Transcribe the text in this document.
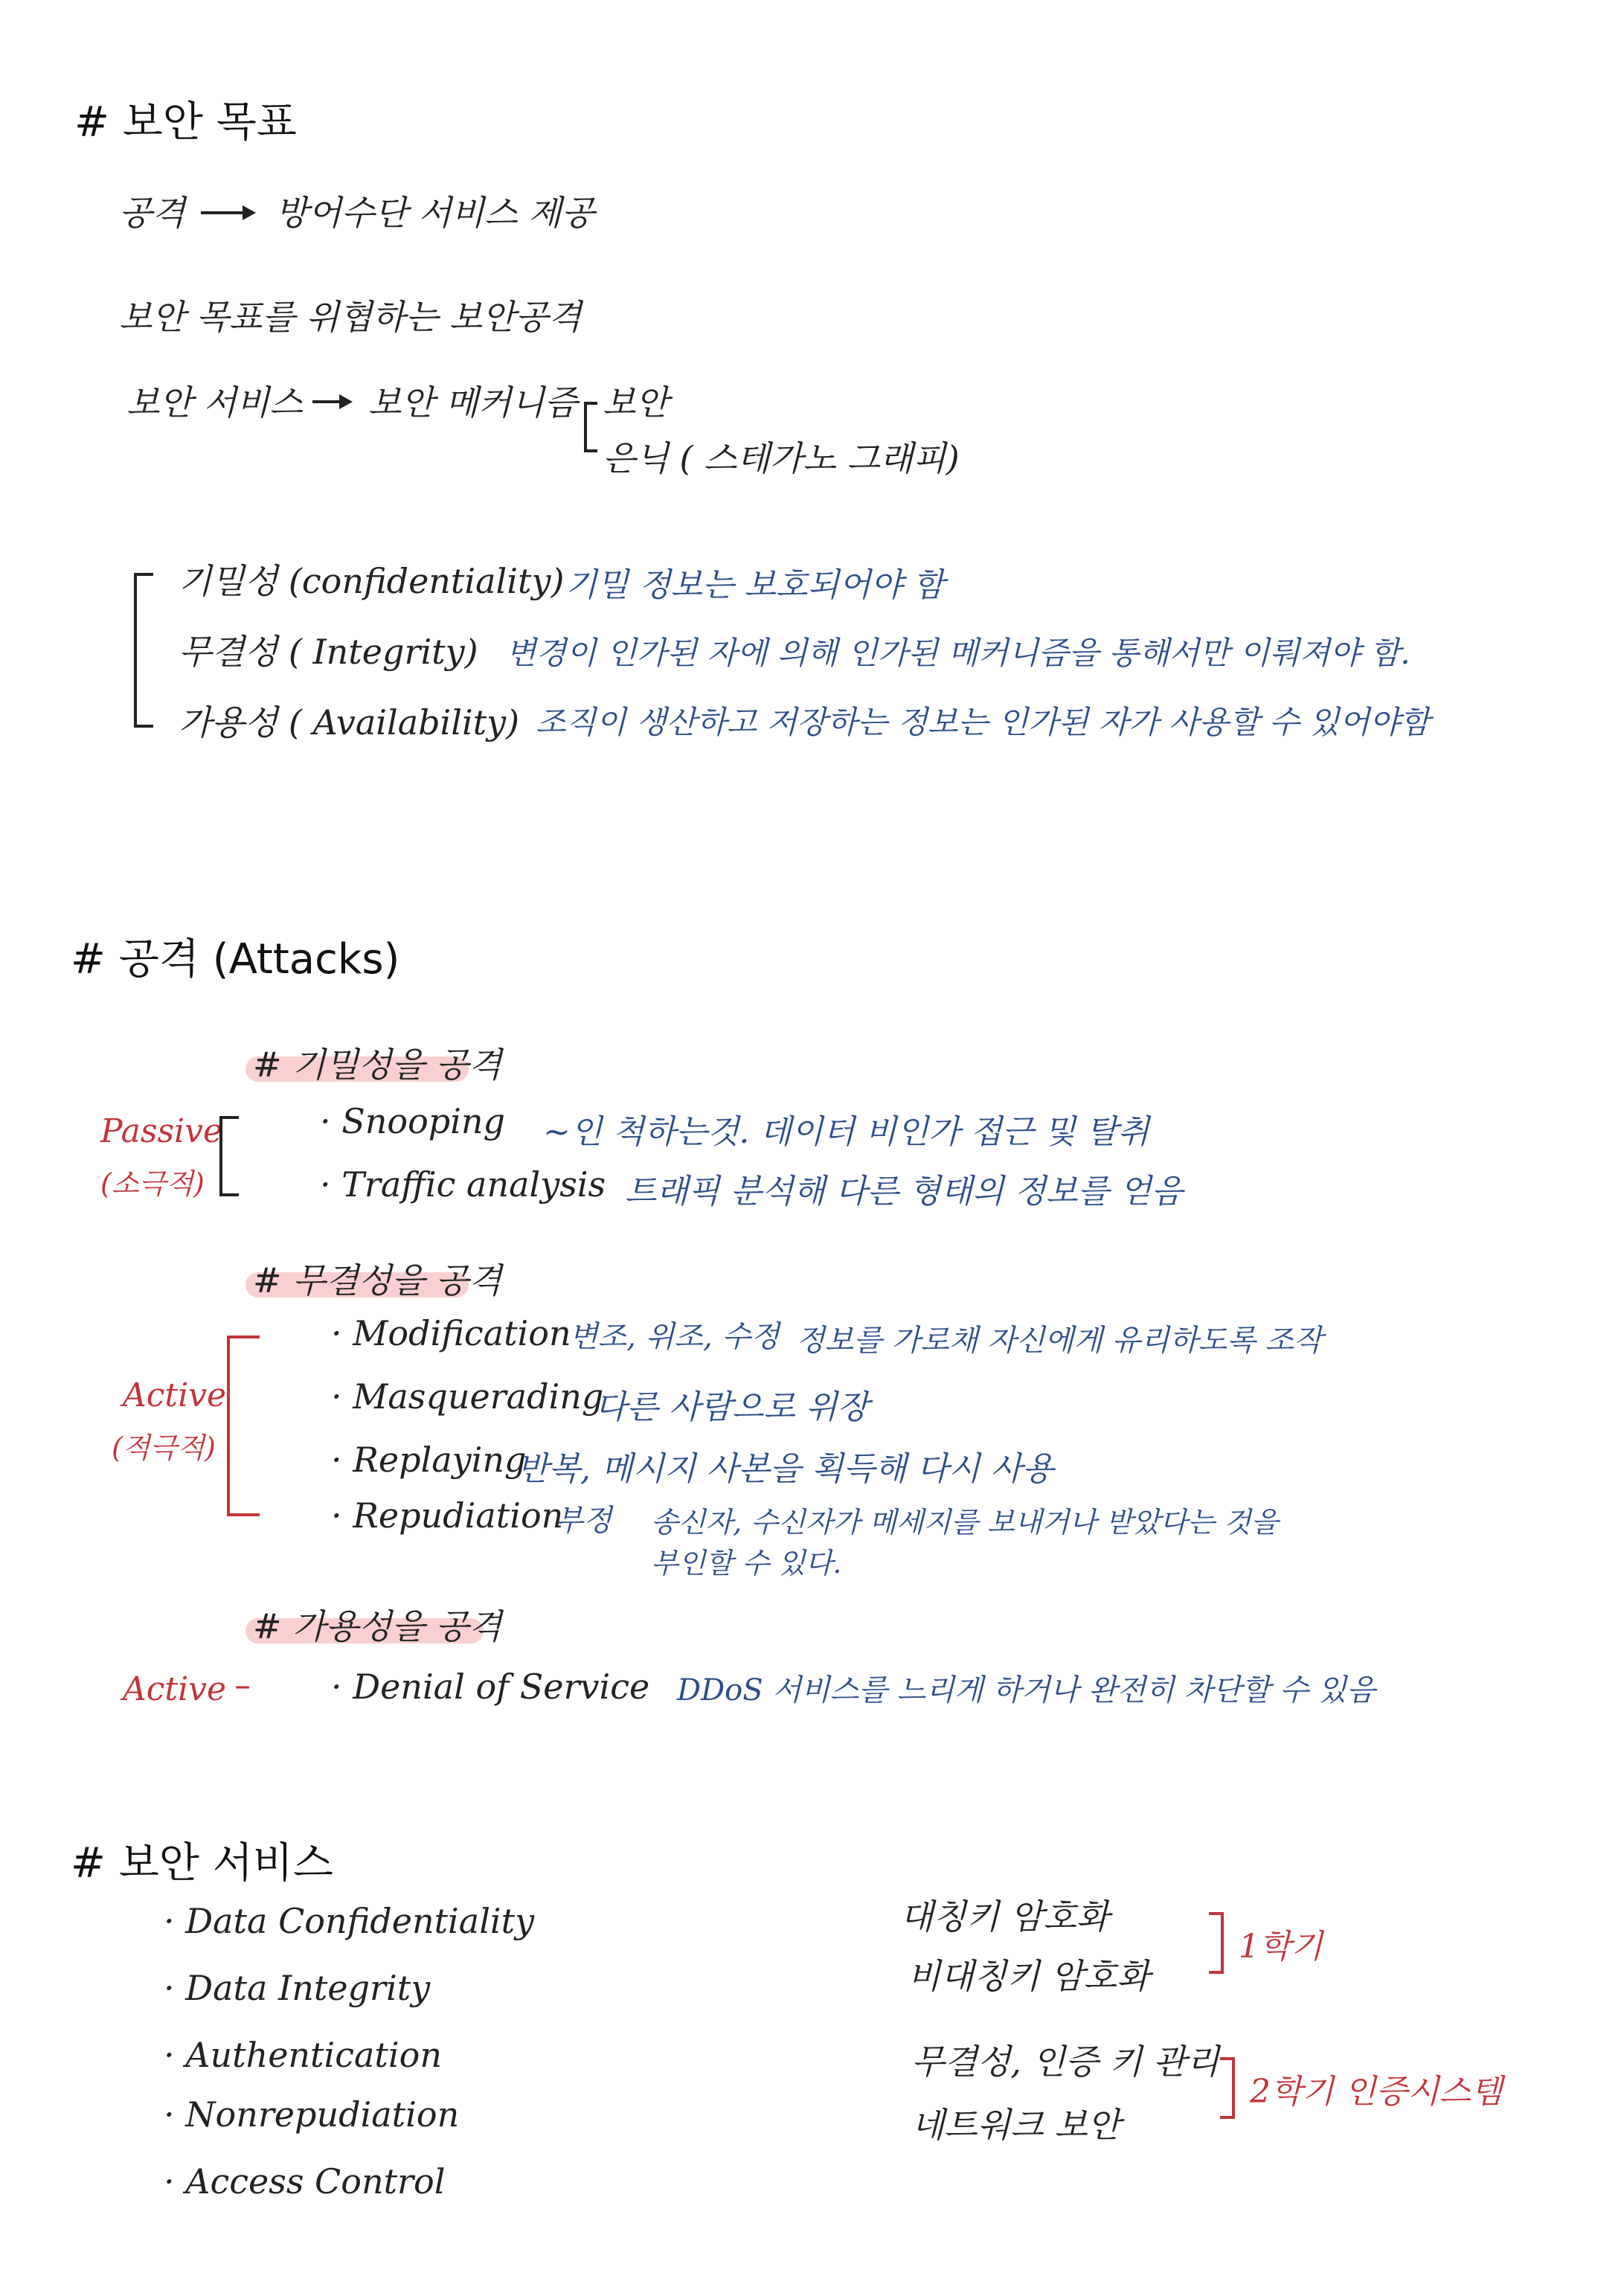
# 보안 목표
공격	방어수단 서비스 제공
보안 목표를 위협하는 보안공격
보안 서비스 보안 메커니즘 보안
은닉 ( 스테가노 그래피)
기밀성 (confidentiality) 기밀 정보는 보호되어야 함
무결성 ( Integrity) 변경이 인가된 자에 의해 인가된 메커니즘을 통해서만 이뤄져야 함.
가용성 ( Availability) 조직이 생산하고 저장하는 정보는 인가된 자가 사용할 수 있어야함
# 공격 (Attacks)
# 기밀성을 공격
Passive
(소극적)
· Snooping ~인 척하는것. 데이터 비인가 접근 및 탈취
· Traffic analysis 트래픽 분석해 다른 형태의 정보를 얻음
# 무결성을 공격
Active
(적극적)
· Modification
변조, 위조, 수정 정보를 가로채 자신에게 유리하도록 조작
· Masquerading
다른 사람으로 위장
· Replaying
반복, 메시지 사본을 획득해 다시 사용
· Repudiation
부정 송신자, 수신자가 메세지를 보내거나 받았다는 것을
부인할 수 있다.
# 가용성을 공격
Active – · Denial of Service DDoS 서비스를 느리게 하거나 완전히 차단할 수 있음
# 보안 서비스
· Data Confidentiality
· Data Integrity
· Authentication
· Nonrepudiation
· Access Control
대칭키 암호화
비대칭키 암호화
1학기
무결성, 인증 키 관리
네트워크 보안
2학기 인증시스템
